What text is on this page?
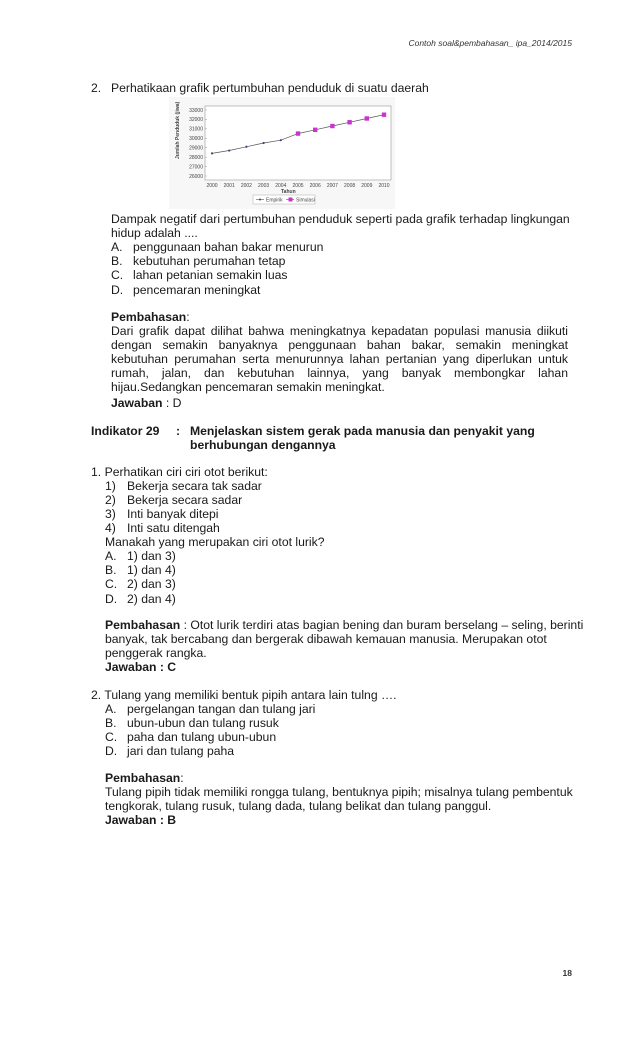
Contoh soal&pembahasan_ ipa_2014/2015
2. Perhatikaan grafik pertumbuhan penduduk di suatu daerah
26000
27000
28000
29000
30000
31000
32000
33000
2000 2001 2002 2003 2004 2005 2006 2007 2008 2009 2010
Jumlah Penduduk (jiwa)
Tahun
Empirik	Simulasi
Dampak negatif dari pertumbuhan penduduk seperti pada grafik terhadap lingkungan
hidup adalah ....
A. penggunaan bahan bakar menurun
B. kebutuhan perumahan tetap
C. lahan petanian semakin luas
D. pencemaran meningkat
Pembahasan:
Dari grafik dapat dilihat bahwa meningkatnya kepadatan populasi manusia diikuti dengan semakin banyaknya penggunaan bahan bakar, semakin meningkat kebutuhan perumahan serta menurunnya lahan pertanian yang diperlukan untuk rumah, jalan, dan kebutuhan lainnya, yang banyak membongkar lahan hijau.Sedangkan pencemaran semakin meningkat.
Jawaban : D
Indikator 29 : Menjelaskan sistem gerak pada manusia dan penyakit yang
berhubungan dengannya
1. Perhatikan ciri ciri otot berikut:
1) Bekerja secara tak sadar
2) Bekerja secara sadar
3) Inti banyak ditepi
4) Inti satu ditengah
Manakah yang merupakan ciri otot lurik?
A. 1) dan 3)
B. 1) dan 4)
C. 2) dan 3)
D. 2) dan 4)
Pembahasan : Otot lurik terdiri atas bagian bening dan buram berselang – seling, berinti
banyak, tak bercabang dan bergerak dibawah kemauan manusia. Merupakan otot
penggerak rangka.
Jawaban : C
2. Tulang yang memiliki bentuk pipih antara lain tulng ….
A. pergelangan tangan dan tulang jari
B. ubun-ubun dan tulang rusuk
C. paha dan tulang ubun-ubun
D. jari dan tulang paha
Pembahasan:
Tulang pipih tidak memiliki rongga tulang, bentuknya pipih; misalnya tulang pembentuk
tengkorak, tulang rusuk, tulang dada, tulang belikat dan tulang panggul.
Jawaban : B
18
